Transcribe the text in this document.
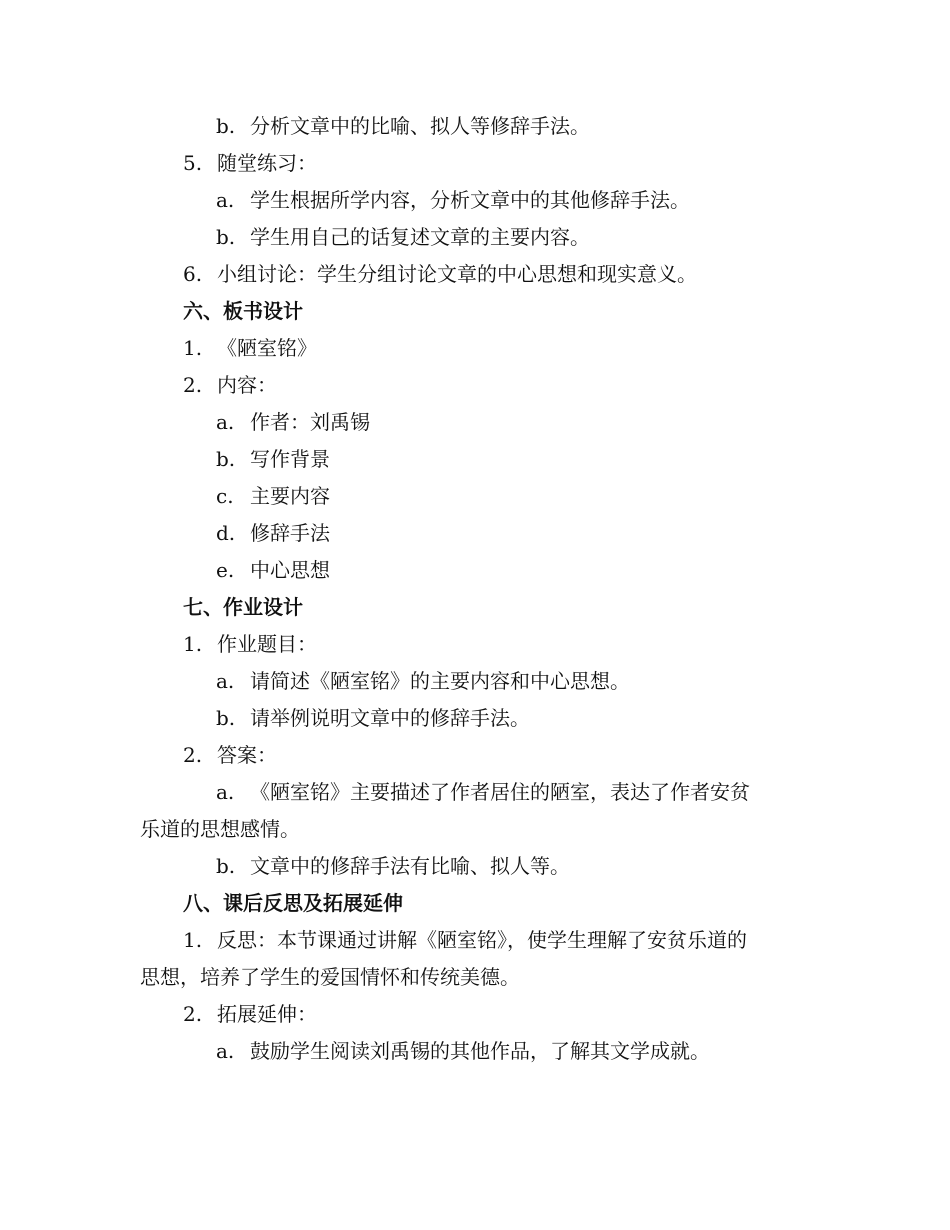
b. 分析文章中的比喻、拟人等修辞手法。
5. 随堂练习：
a. 学生根据所学内容，分析文章中的其他修辞手法。
b. 学生用自己的话复述文章的主要内容。
6. 小组讨论：学生分组讨论文章的中心思想和现实意义。
六、板书设计
1. 《陋室铭》
2. 内容：
a. 作者：刘禹锡
b. 写作背景
c. 主要内容
d. 修辞手法
e. 中心思想
七、作业设计
1. 作业题目：
a. 请简述《陋室铭》的主要内容和中心思想。
b. 请举例说明文章中的修辞手法。
2. 答案：
a. 《陋室铭》主要描述了作者居住的陋室，表达了作者安贫
乐道的思想感情。
b. 文章中的修辞手法有比喻、拟人等。
八、课后反思及拓展延伸
1. 反思：本节课通过讲解《陋室铭》，使学生理解了安贫乐道的
思想，培养了学生的爱国情怀和传统美德。
2. 拓展延伸：
a. 鼓励学生阅读刘禹锡的其他作品，了解其文学成就。
